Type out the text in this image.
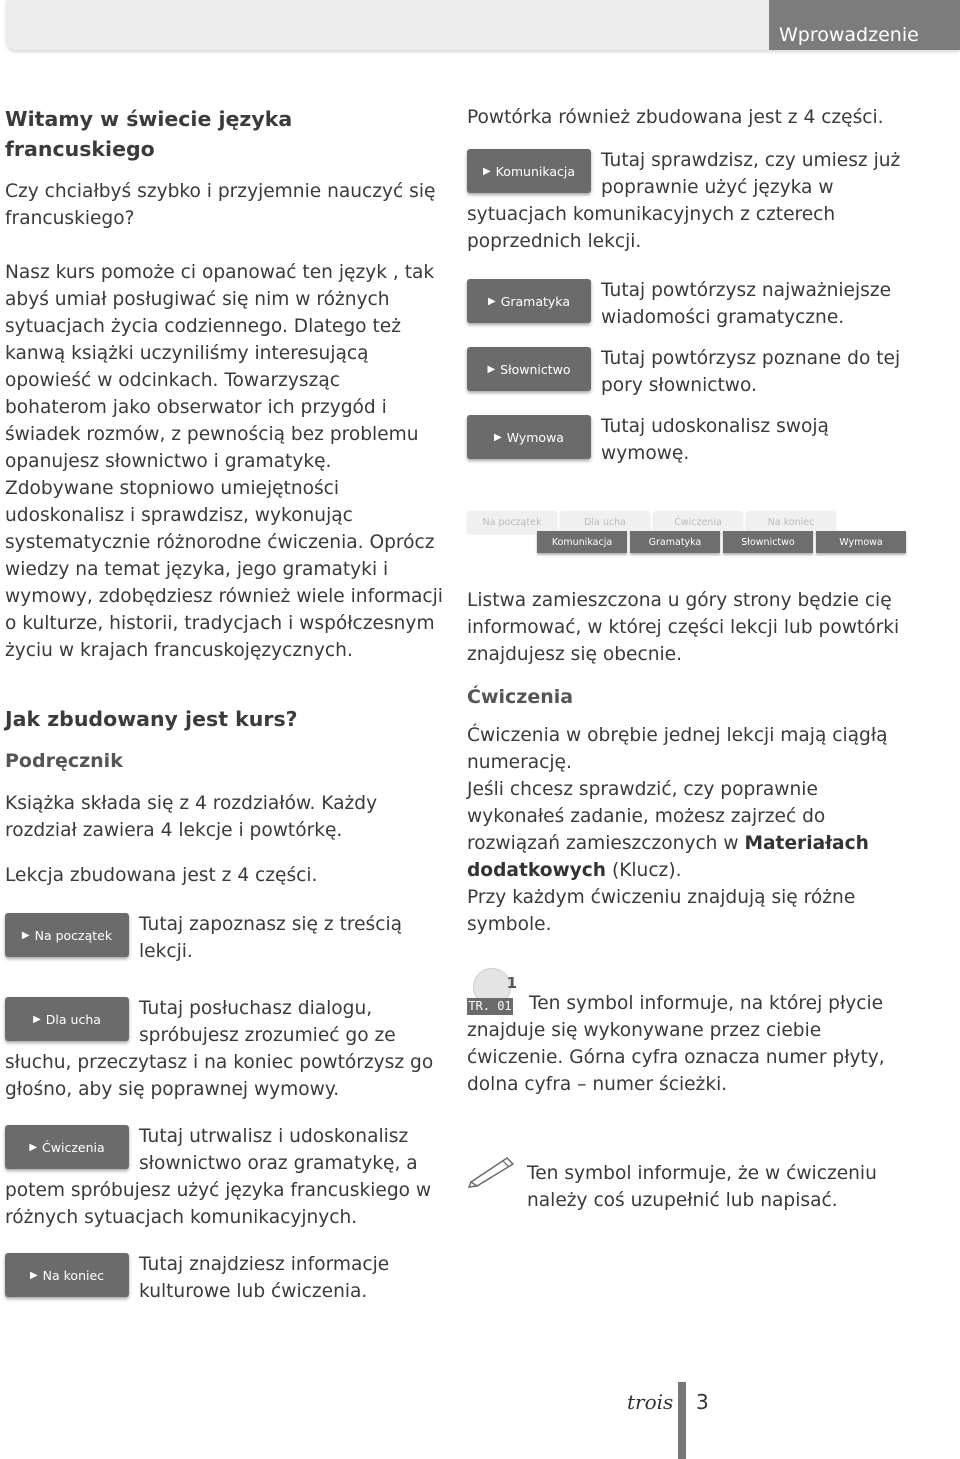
Wprowadzenie
Witamy w świecie języka francuskiego

Czy chciałbyś szybko i przyjemnie nauczyć się francuskiego?

Nasz kurs pomoże ci opanować ten język , tak abyś umiał posługiwać się nim w różnych sytuacjach życia codziennego. Dlatego też kanwą książki uczyniliśmy interesującą opowieść w odcinkach. Towarzysząc bohaterom jako obserwator ich przygód i świadek rozmów, z pewnością bez problemu opanujesz słownictwo i gramatykę. Zdobywane stopniowo umiejętności udoskonalisz i sprawdzisz, wykonując systematycznie różnorodne ćwiczenia. Oprócz wiedzy na temat języka, jego gramatyki i wymowy, zdobędziesz również wiele informacji o kulturze, historii, tradycjach i współczesnym życiu w krajach francuskojęzycznych.

Jak zbudowany jest kurs?
Podręcznik

Książka składa się z 4 rozdziałów. Każdy rozdział zawiera 4 lekcje i powtórkę.

Lekcja zbudowana jest z 4 części.

▶ Na początek	Tutaj zapoznasz się z treścią lekcji.

▶ Dla ucha	Tutaj posłuchasz dialogu, spróbujesz zrozumieć go ze słuchu, przeczytasz i na koniec powtórzysz go głośno, aby się poprawnej wymowy.

▶ Ćwiczenia	Tutaj utrwalisz i udoskonalisz słownictwo oraz gramatykę, a potem spróbujesz użyć języka francuskiego w różnych sytuacjach komunikacyjnych.

▶ Na koniec	Tutaj znajdziesz informacje kulturowe lub ćwiczenia.

Powtórka również zbudowana jest z 4 części.

▶ Komunikacja	Tutaj sprawdzisz, czy umiesz już poprawnie użyć języka w sytuacjach komunikacyjnych z czterech poprzednich lekcji.

▶ Gramatyka	Tutaj powtórzysz najważniejsze wiadomości gramatyczne.

▶ Słownictwo	Tutaj powtórzysz poznane do tej pory słownictwo.

▶ Wymowa	Tutaj udoskonalisz swoją wymowę.

Na początek	Dla ucha	Ćwiczenia	Na koniec
Komunikacja	Gramatyka	Słownictwo	Wymowa

Listwa zamieszczona u góry strony będzie cię informować, w której części lekcji lub powtórki znajdujesz się obecnie.

Ćwiczenia

Ćwiczenia w obrębie jednej lekcji mają ciągłą numerację.

Jeśli chcesz sprawdzić, czy poprawnie wykonałeś zadanie, możesz zajrzeć do rozwiązań zamieszczonych w Materiałach dodatkowych (Klucz).

Przy każdym ćwiczeniu znajdują się różne symbole.

1
TR. 01 Ten symbol informuje, na której płycie znajduje się wykonywane przez ciebie ćwiczenie. Górna cyfra oznacza numer płyty, dolna cyfra – numer ścieżki.

Ten symbol informuje, że w ćwiczeniu należy coś uzupełnić lub napisać.

trois 3
